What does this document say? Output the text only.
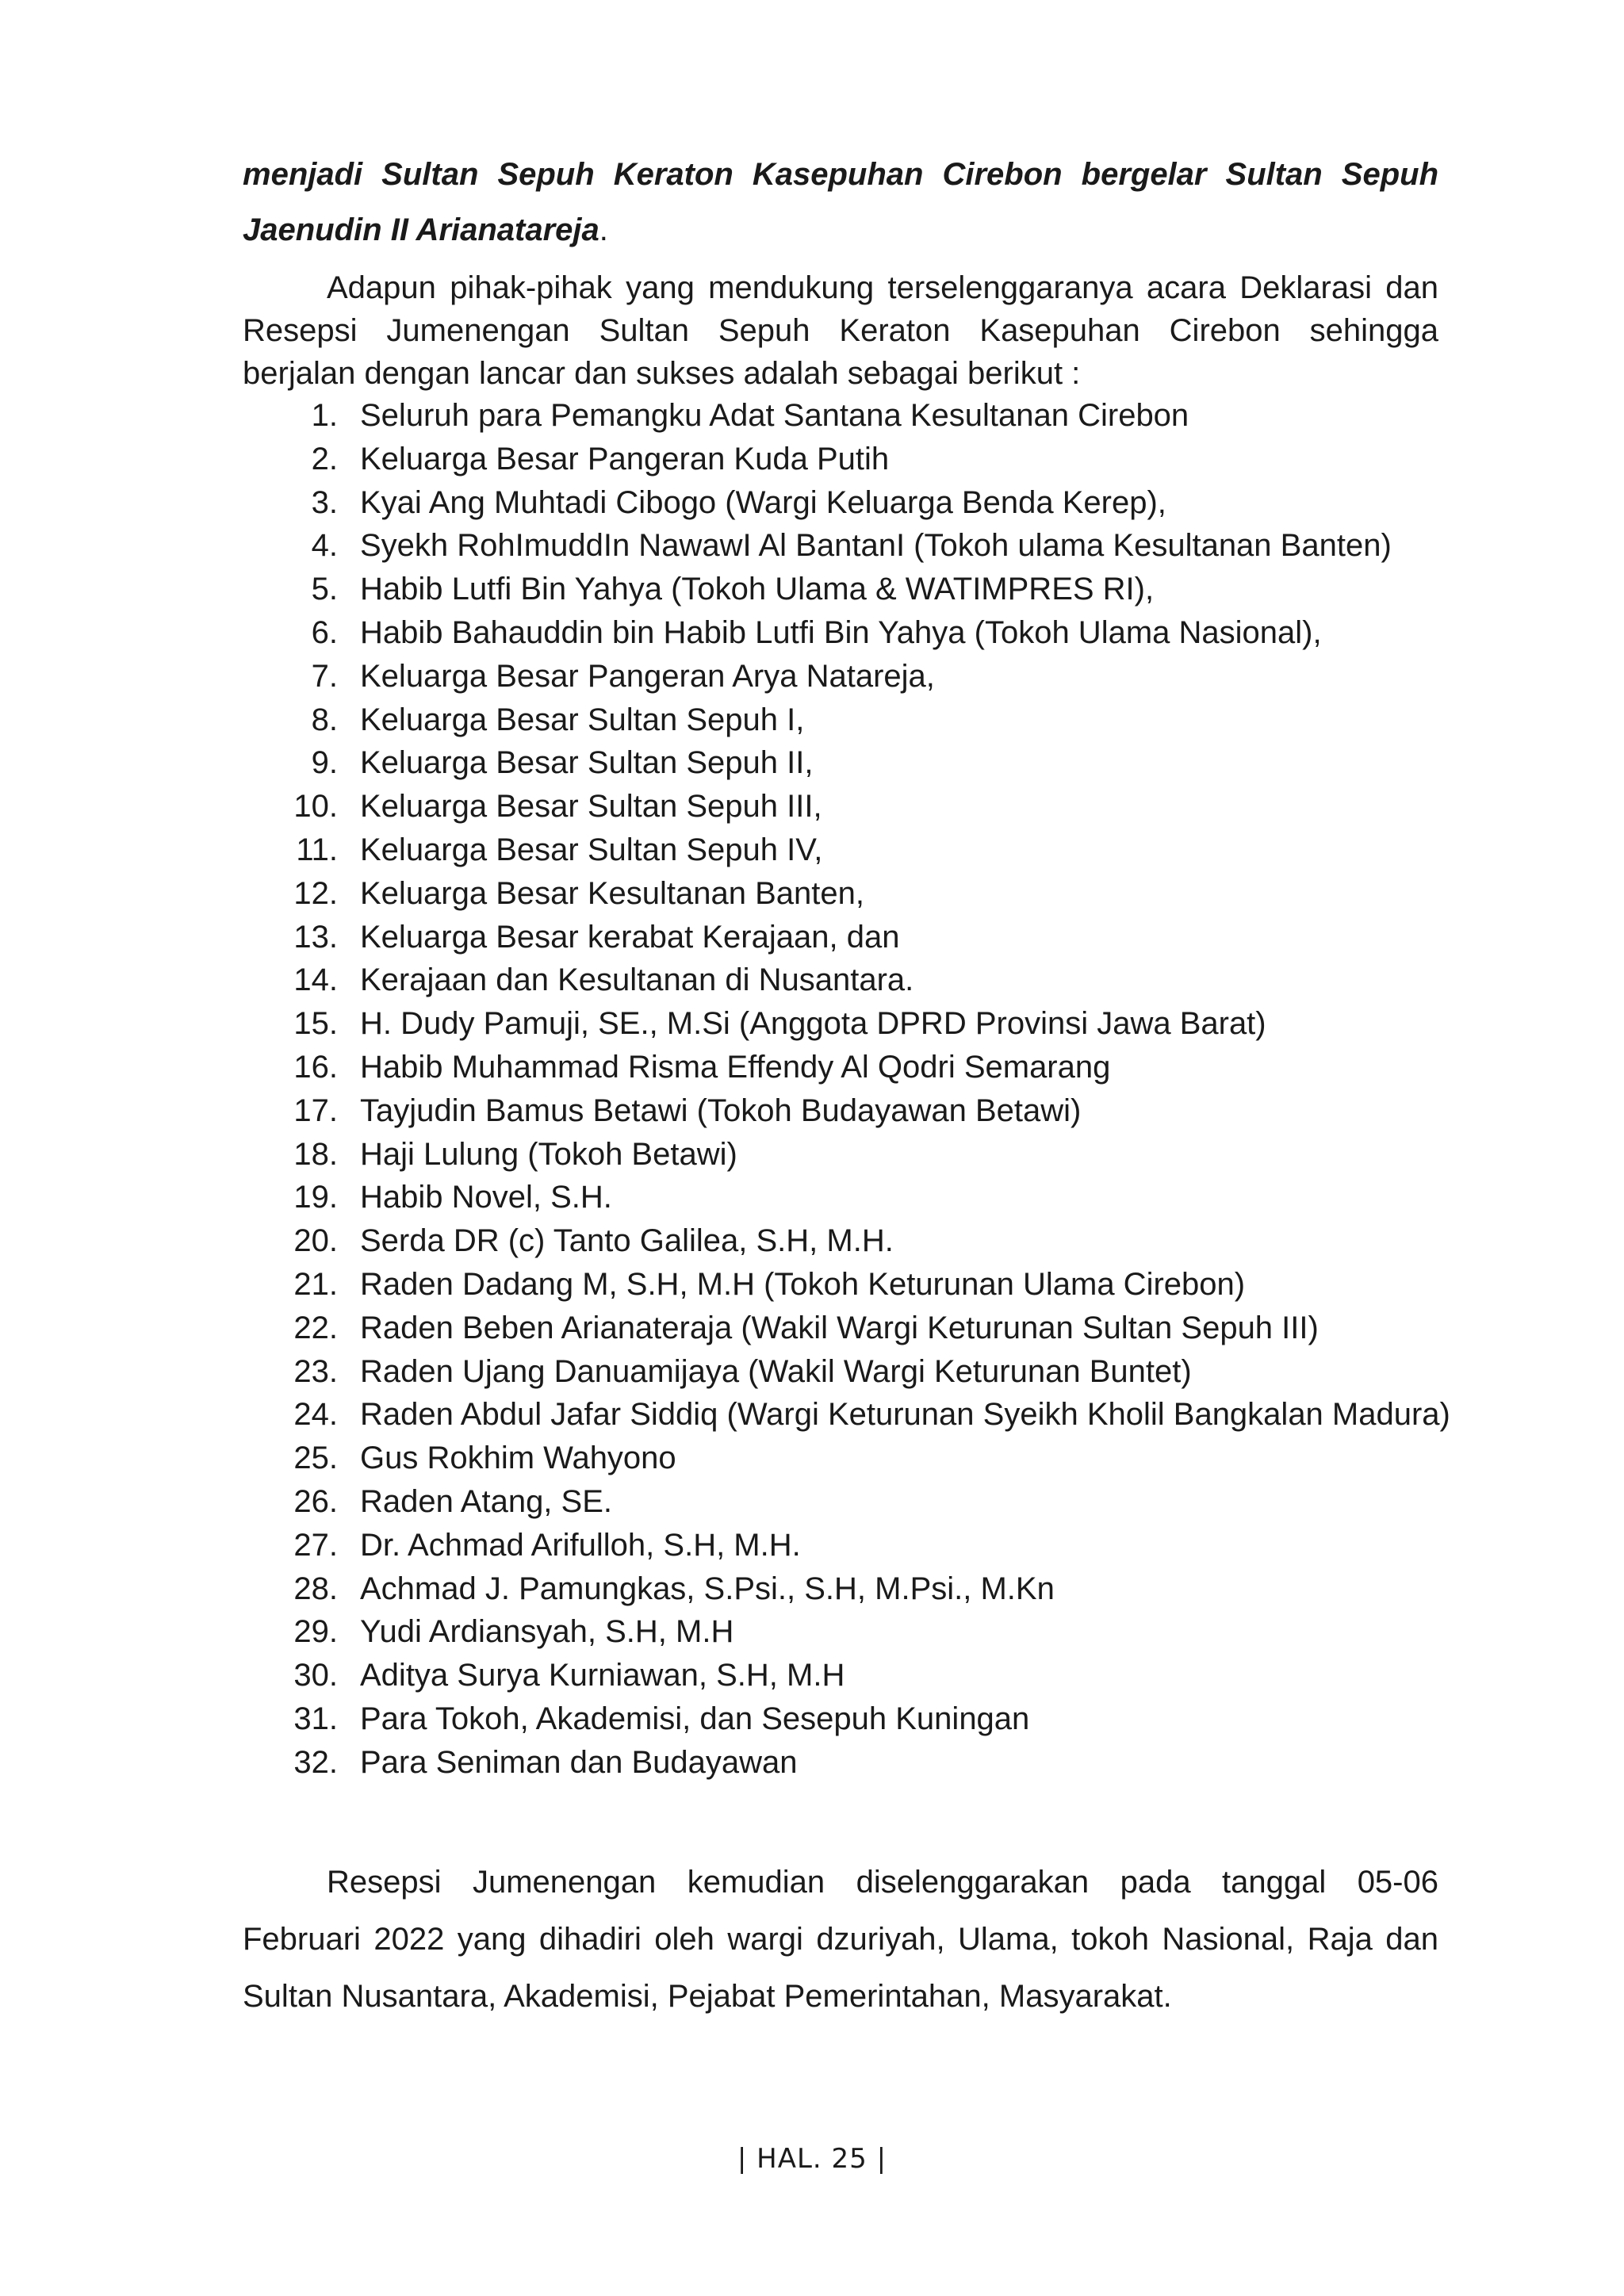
menjadi Sultan Sepuh Keraton Kasepuhan Cirebon bergelar Sultan Sepuh
Jaenudin II Arianatareja.
Adapun pihak-pihak yang mendukung terselenggaranya acara Deklarasi dan
Resepsi Jumenengan Sultan Sepuh Keraton Kasepuhan Cirebon sehingga
berjalan dengan lancar dan sukses adalah sebagai berikut :
1. Seluruh para Pemangku Adat Santana Kesultanan Cirebon
2. Keluarga Besar Pangeran Kuda Putih
3. Kyai Ang Muhtadi Cibogo (Wargi Keluarga Benda Kerep),
4. Syekh RohImuddIn NawawI Al BantanI (Tokoh ulama Kesultanan Banten)
5. Habib Lutfi Bin Yahya (Tokoh Ulama & WATIMPRES RI),
6. Habib Bahauddin bin Habib Lutfi Bin Yahya (Tokoh Ulama Nasional),
7. Keluarga Besar Pangeran Arya Natareja,
8. Keluarga Besar Sultan Sepuh I,
9. Keluarga Besar Sultan Sepuh II,
10. Keluarga Besar Sultan Sepuh III,
11. Keluarga Besar Sultan Sepuh IV,
12. Keluarga Besar Kesultanan Banten,
13. Keluarga Besar kerabat Kerajaan, dan
14. Kerajaan dan Kesultanan di Nusantara.
15. H. Dudy Pamuji, SE., M.Si (Anggota DPRD Provinsi Jawa Barat)
16. Habib Muhammad Risma Effendy Al Qodri Semarang
17. Tayjudin Bamus Betawi (Tokoh Budayawan Betawi)
18. Haji Lulung (Tokoh Betawi)
19. Habib Novel, S.H.
20. Serda DR (c) Tanto Galilea, S.H, M.H.
21. Raden Dadang M, S.H, M.H (Tokoh Keturunan Ulama Cirebon)
22. Raden Beben Arianateraja (Wakil Wargi Keturunan Sultan Sepuh III)
23. Raden Ujang Danuamijaya (Wakil Wargi Keturunan Buntet)
24. Raden Abdul Jafar Siddiq (Wargi Keturunan Syeikh Kholil Bangkalan Madura)
25. Gus Rokhim Wahyono
26. Raden Atang, SE.
27. Dr. Achmad Arifulloh, S.H, M.H.
28. Achmad J. Pamungkas, S.Psi., S.H, M.Psi., M.Kn
29. Yudi Ardiansyah, S.H, M.H
30. Aditya Surya Kurniawan, S.H, M.H
31. Para Tokoh, Akademisi, dan Sesepuh Kuningan
32. Para Seniman dan Budayawan
Resepsi Jumenengan kemudian diselenggarakan pada tanggal 05-06
Februari 2022 yang dihadiri oleh wargi dzuriyah, Ulama, tokoh Nasional, Raja dan
Sultan Nusantara, Akademisi, Pejabat Pemerintahan, Masyarakat.
| HAL. 25 |
